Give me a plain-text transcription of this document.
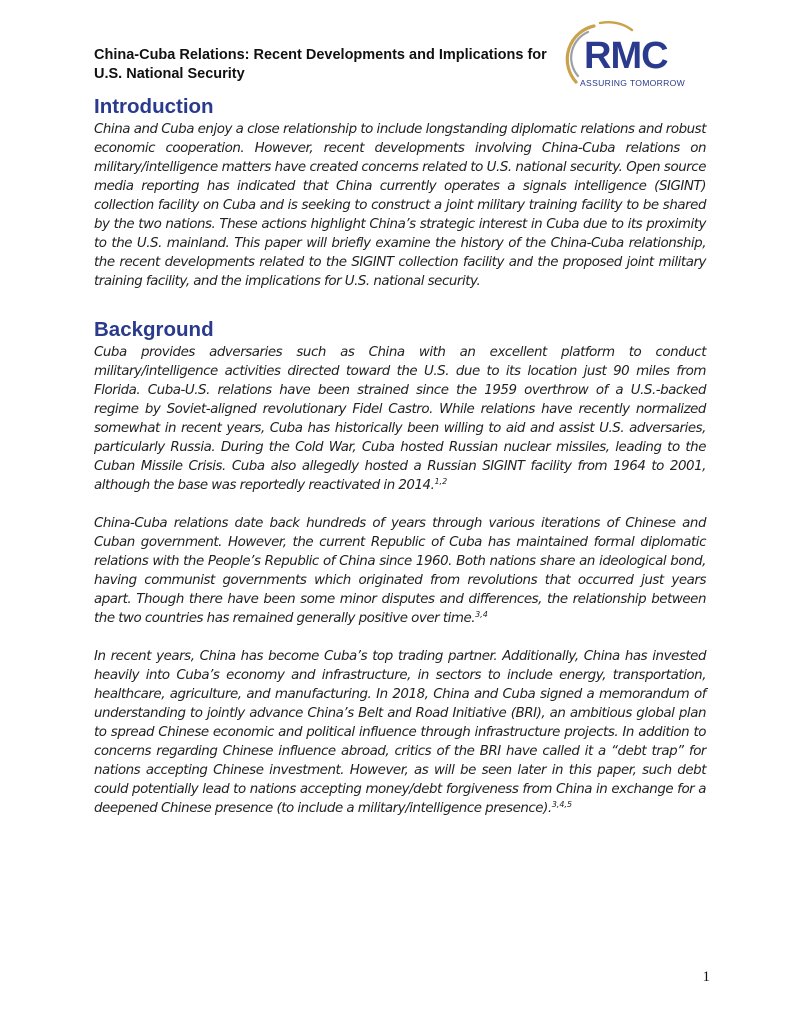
China-Cuba Relations: Recent Developments and Implications for U.S. National Security	RMC
ASSURING TOMORROW
Introduction

China and Cuba enjoy a close relationship to include longstanding diplomatic relations and robust economic cooperation. However, recent developments involving China-Cuba relations on military/intelligence matters have created concerns related to U.S. national security. Open source media reporting has indicated that China currently operates a signals intelligence (SIGINT) collection facility on Cuba and is seeking to construct a joint military training facility to be shared by the two nations. These actions highlight China’s strategic interest in Cuba due to its proximity to the U.S. mainland. This paper will briefly examine the history of the China-Cuba relationship, the recent developments related to the SIGINT collection facility and the proposed joint military training facility, and the implications for U.S. national security.

Background

Cuba provides adversaries such as China with an excellent platform to conduct military/intelligence activities directed toward the U.S. due to its location just 90 miles from Florida. Cuba-U.S. relations have been strained since the 1959 overthrow of a U.S.-backed regime by Soviet-aligned revolutionary Fidel Castro. While relations have recently normalized somewhat in recent years, Cuba has historically been willing to aid and assist U.S. adversaries, particularly Russia. During the Cold War, Cuba hosted Russian nuclear missiles, leading to the Cuban Missile Crisis. Cuba also allegedly hosted a Russian SIGINT facility from 1964 to 2001, although the base was reportedly reactivated in 2014.$^{1,2}$

China-Cuba relations date back hundreds of years through various iterations of Chinese and Cuban government. However, the current Republic of Cuba has maintained formal diplomatic relations with the People’s Republic of China since 1960. Both nations share an ideological bond, having communist governments which originated from revolutions that occurred just years apart. Though there have been some minor disputes and differences, the relationship between the two countries has remained generally positive over time.$^{3,4}$

In recent years, China has become Cuba’s top trading partner. Additionally, China has invested heavily into Cuba’s economy and infrastructure, in sectors to include energy, transportation, healthcare, agriculture, and manufacturing. In 2018, China and Cuba signed a memorandum of understanding to jointly advance China’s Belt and Road Initiative (BRI), an ambitious global plan to spread Chinese economic and political influence through infrastructure projects. In addition to concerns regarding Chinese influence abroad, critics of the BRI have called it a “debt trap” for nations accepting Chinese investment. However, as will be seen later in this paper, such debt could potentially lead to nations accepting money/debt forgiveness from China in exchange for a deepened Chinese presence (to include a military/intelligence presence).$^{3,4,5}$

1
